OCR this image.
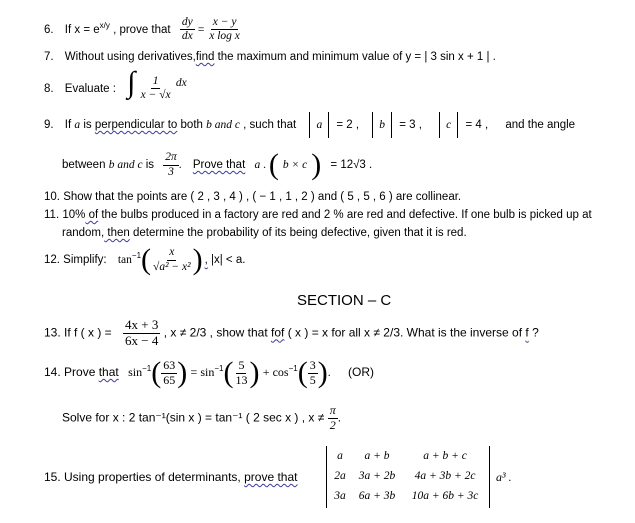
6. If $x = e^{x/y}$ , prove that $\frac{dy}{dx} = \frac{x - y}{\text{x log x}}$
7. Without using derivatives,find the maximum and minimum value of y = | 3 sin x + 1 | .
8. Evaluate : ∫ $\frac{1}{x - √x}$ dx
9. If a is perpendicular to both b and c , such that a = 2 , b = 3 , c = 4 , and the angle
between b and c is $\frac{2\pi}{3}$ . Prove that a . ( b × c ) = 12√3 .
10. Show that the points are ( 2 , 3 , 4 ) , ( − 1 , 1 , 2 ) and ( 5 , 5 , 6 ) are collinear.
11. 10% of the bulbs produced in a factory are red and 2 % are red and defective. If one bulb is picked up at
random, then determine the probability of its being defective, given that it is red.
12. Simplify: $\tan^{-1}( \frac{x}{\text{√a² − x²}}$ ) , |x| < a.
SECTION – C
13. If f ( x ) = $\frac{4x + 3}{6x - 4}$ , x ≠ 2/3 , show that fof ( x ) = x for all x ≠ 2/3. What is the inverse of f ?
14. Prove that $\sin^{-1}( \frac{63}{65}$ ) = $\sin^{-1}( \frac{5}{13}$ ) + $\cos^{-1}( \frac{3}{5}$ ). (OR)
Solve for x : 2 tan⁻¹(sin x ) = tan⁻¹ ( 2 sec x ) , $x \ne \frac{\pi}{2}$ .
15. Using properties of determinants, prove that
a	a + b	a + b + c
2a	3a + 2b	4a + 3b + 2c
3a	6a + 3b	10a + 6b + 3c
a³ .
